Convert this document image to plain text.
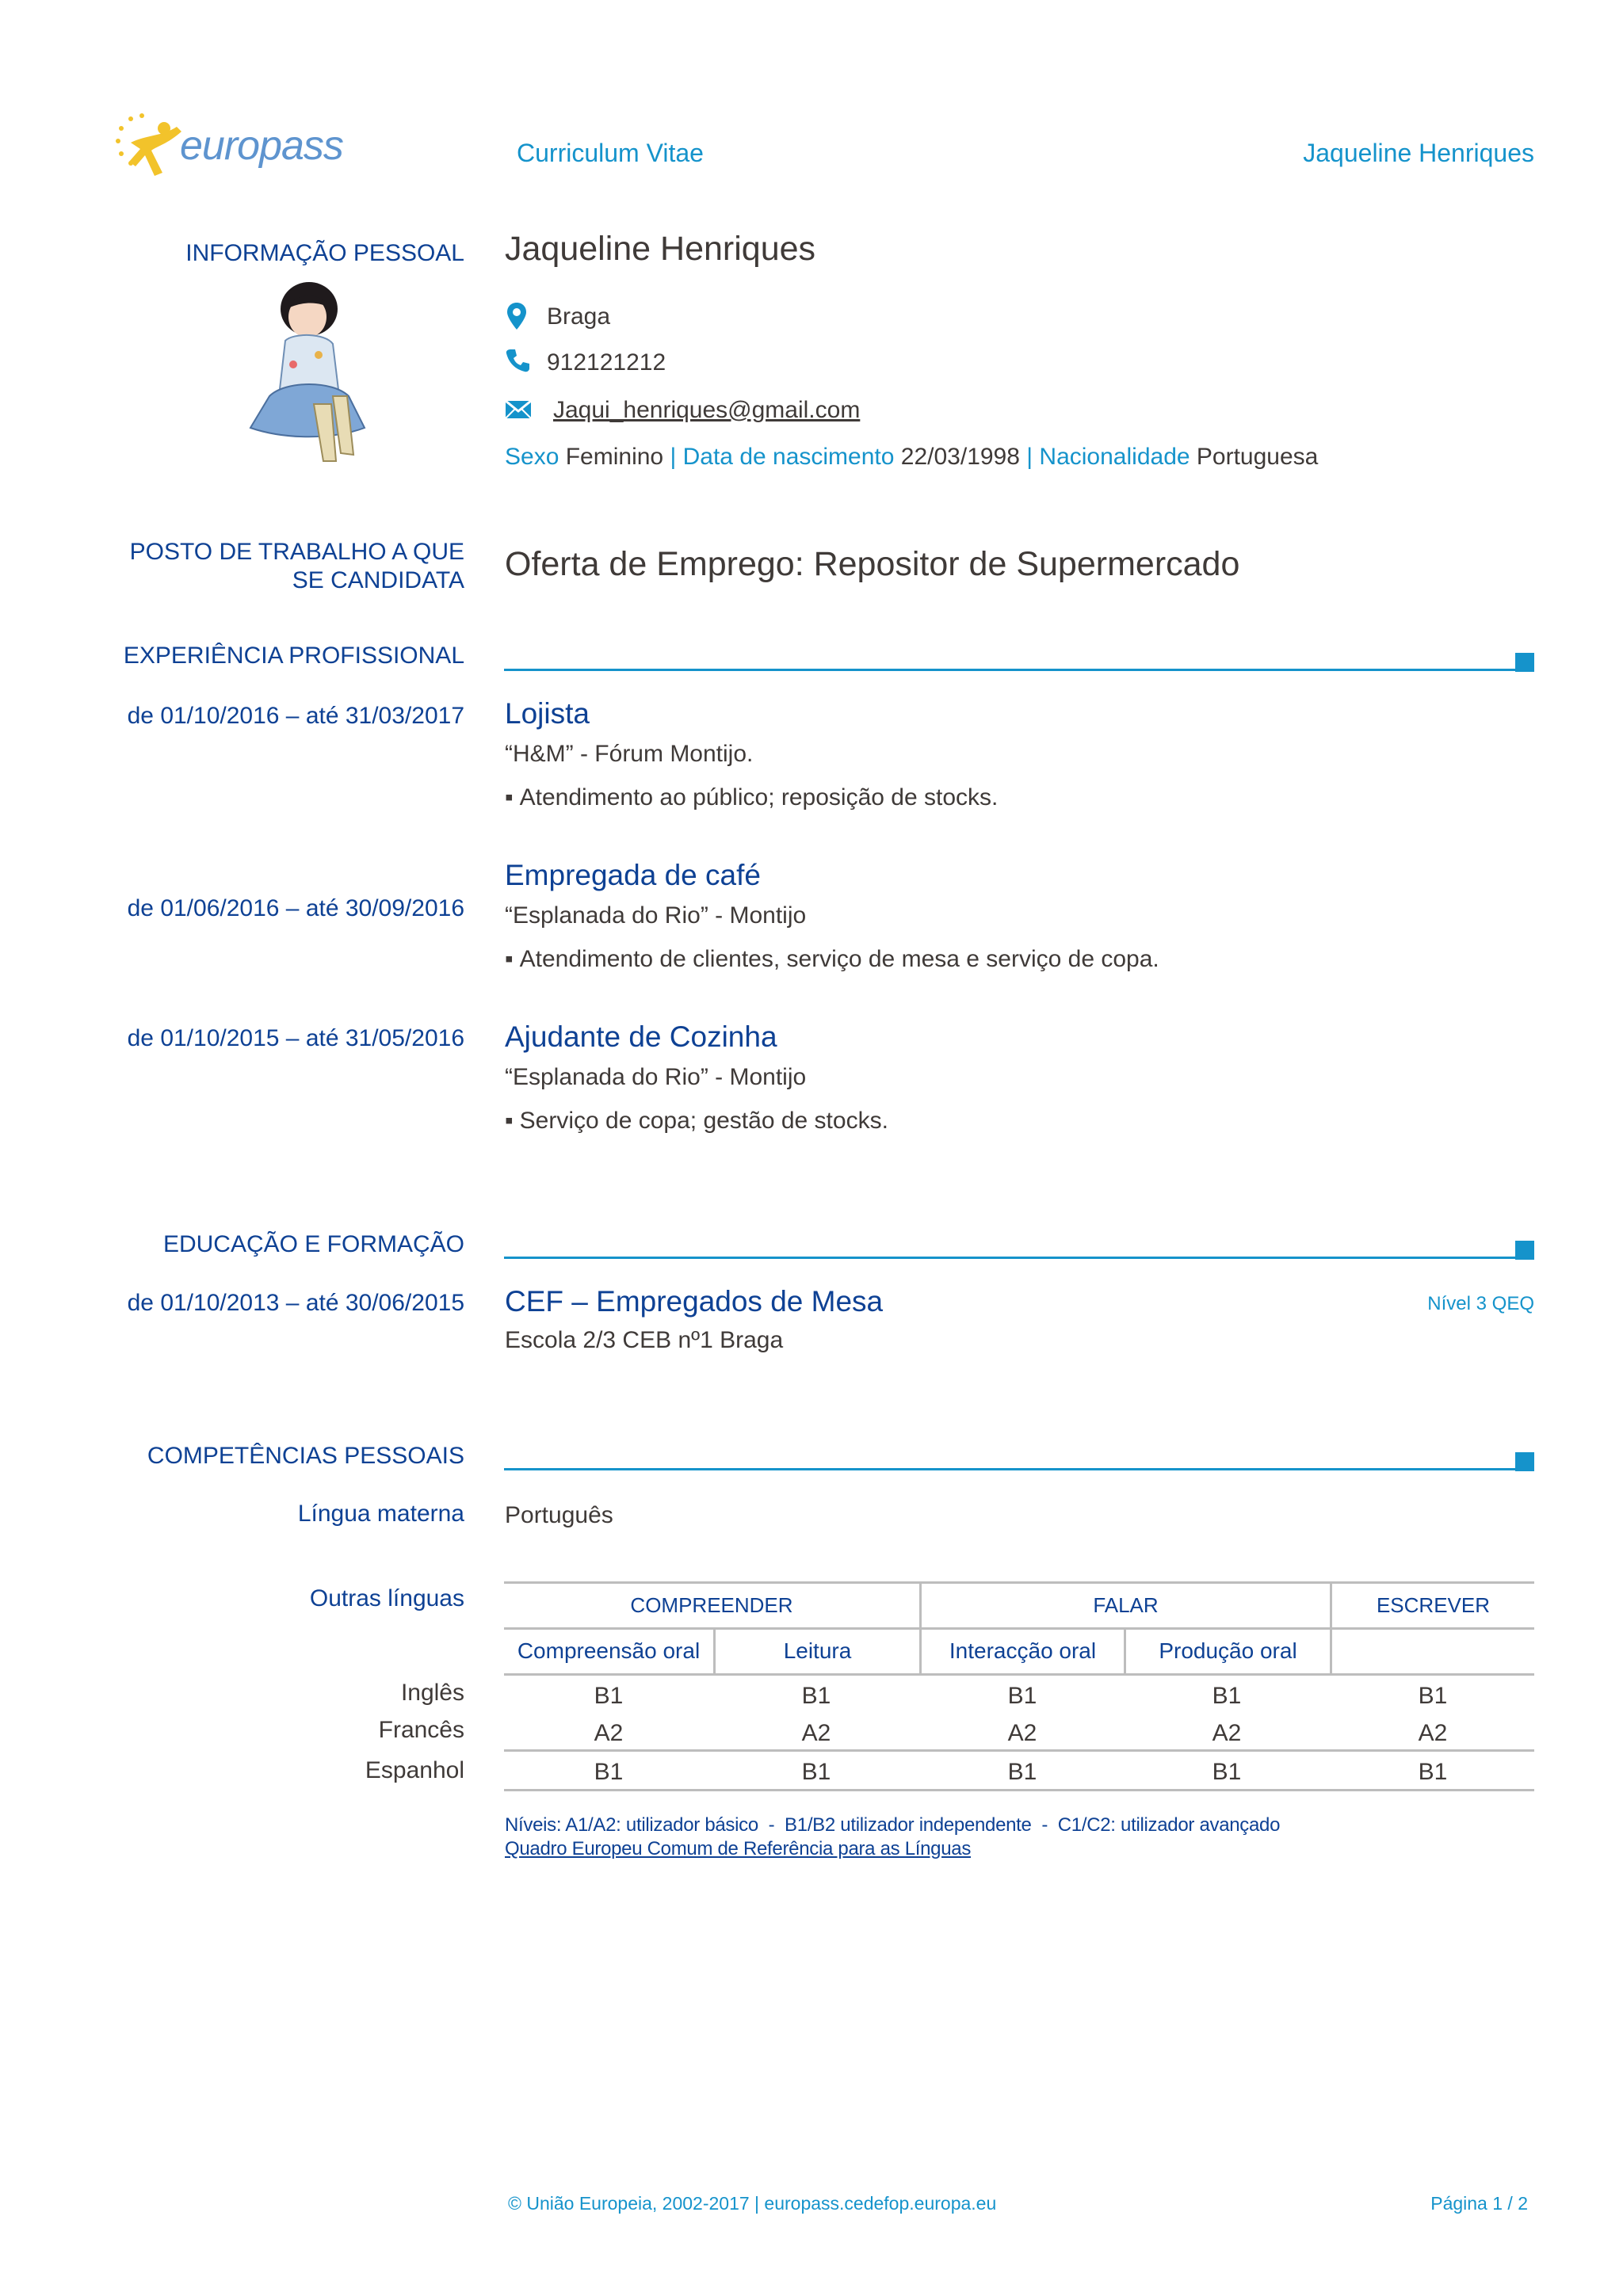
europass	Curriculum Vitae	Jaqueline Henriques
INFORMAÇÃO PESSOAL Jaqueline Henriques
Braga
912121212
Jaqui_henriques@gmail.com
Sexo Feminino | Data de nascimento 22/03/1998 | Nacionalidade Portuguesa
POSTO DE TRABALHO A QUE
SE CANDIDATA Oferta de Emprego: Repositor de Supermercado
EXPERIÊNCIA PROFISSIONAL
de 01/10/2016 – até 31/03/2017 Lojista
“H&M” - Fórum Montijo.
▪ Atendimento ao público; reposição de stocks.
de 01/06/2016 – até 30/09/2016
Empregada de café
“Esplanada do Rio” - Montijo
▪ Atendimento de clientes, serviço de mesa e serviço de copa.
de 01/10/2015 – até 31/05/2016 Ajudante de Cozinha
“Esplanada do Rio” - Montijo
▪ Serviço de copa; gestão de stocks.
EDUCAÇÃO E FORMAÇÃO
de 01/10/2013 – até 30/06/2015 CEF – Empregados de Mesa	Nível 3 QEQ
Escola 2/3 CEB nº1 Braga
COMPETÊNCIAS PESSOAIS
Língua materna Português
Outras línguas	COMPREENDER	FALAR	ESCREVER
Compreensão oral	Leitura	Interacção oral	Produção oral
Inglês	B1	B1	B1	B1	B1
Francês	A2	A2	A2	A2	A2
Espanhol	B1	B1	B1	B1	B1
Níveis: A1/A2: utilizador básico  -  B1/B2 utilizador independente  -  C1/C2: utilizador avançado
Quadro Europeu Comum de Referência para as Línguas
© União Europeia, 2002-2017 | europass.cedefop.europa.eu	Página 1 / 2
